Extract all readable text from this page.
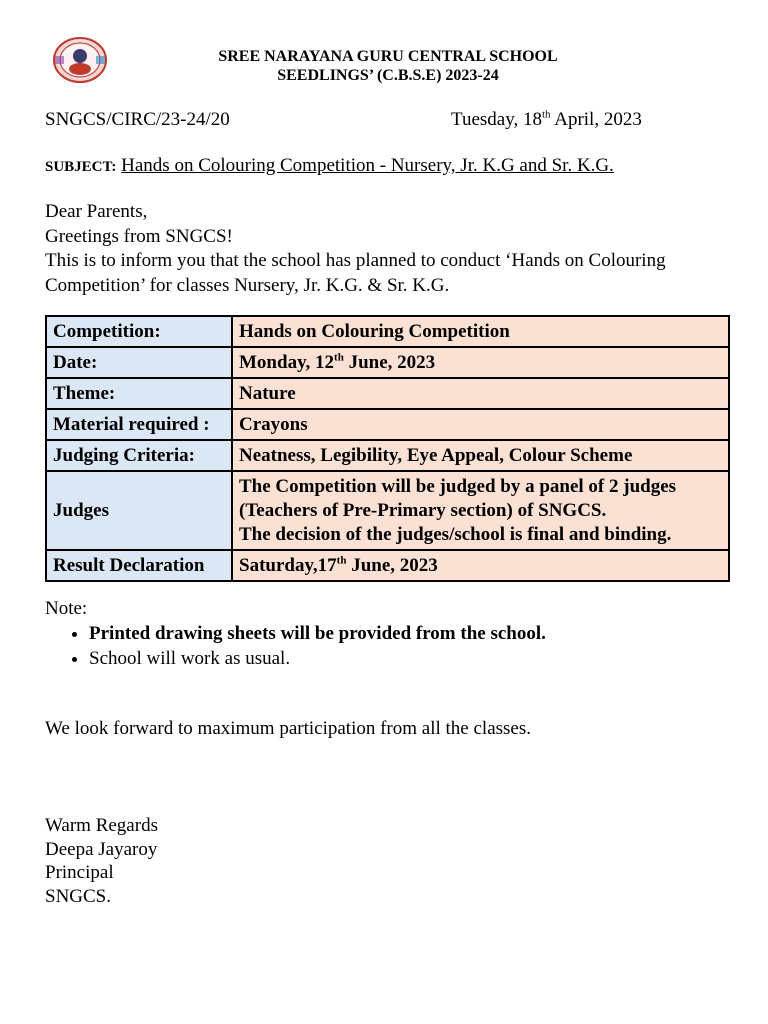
SREE NARAYANA GURU CENTRAL SCHOOL
SEEDLINGS’ (C.B.S.E) 2023-24
SNGCS/CIRC/23-24/20	Tuesday, 18th April, 2023
SUBJECT: Hands on Colouring Competition - Nursery, Jr. K.G and Sr. K.G.
Dear Parents,
Greetings from SNGCS!
This is to inform you that the school has planned to conduct ‘Hands on Colouring
Competition’ for classes Nursery, Jr. K.G. & Sr. K.G.
Competition:	Hands on Colouring Competition
Date:	Monday, 12th June, 2023
Theme:	Nature
Material required :	Crayons
Judging Criteria:	Neatness, Legibility, Eye Appeal, Colour Scheme
Judges	The Competition will be judged by a panel of 2 judges
(Teachers of Pre-Primary section) of SNGCS.
The decision of the judges/school is final and binding.

Result Declaration	Saturday,17th June, 2023
Note:
• Printed drawing sheets will be provided from the school.
• School will work as usual.
We look forward to maximum participation from all the classes.
Warm Regards
Deepa Jayaroy
Principal
SNGCS.
